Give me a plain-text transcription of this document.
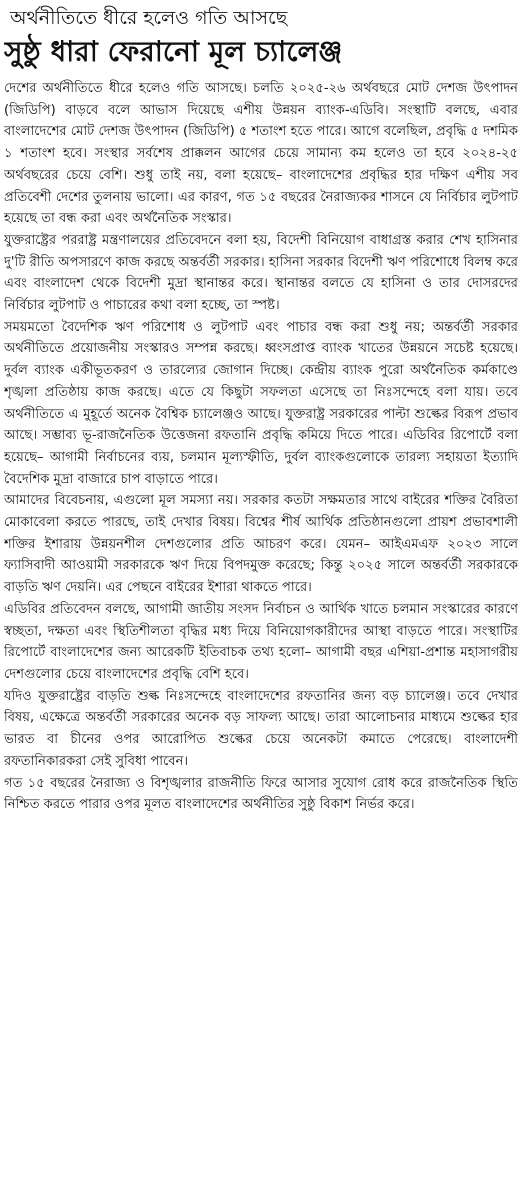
অর্থনীতিতে ধীরে হলেও গতি আসছে
সুষ্ঠু ধারা ফেরানো মূল চ্যালেঞ্জ

দেশের অর্থনীতিতে ধীরে হলেও গতি আসছে। চলতি ২০২৫-২৬ অর্থবছরে মোট দেশজ উৎপাদন (জিডিপি) বাড়বে বলে আভাস দিয়েছে এশীয় উন্নয়ন ব্যাংক-এডিবি। সংস্থাটি বলছে, এবার বাংলাদেশের মোট দেশজ উৎপাদন (জিডিপি) ৫ শতাংশ হতে পারে। আগে বলেছিল, প্রবৃদ্ধি ৫ দশমিক ১ শতাংশ হবে। সংস্থার সর্বশেষ প্রাক্কলন আগের চেয়ে সামান্য কম হলেও তা হবে ২০২৪-২৫ অর্থবছরের চেয়ে বেশি। শুধু তাই নয়, বলা হয়েছে– বাংলাদেশের প্রবৃদ্ধির হার দক্ষিণ এশীয় সব প্রতিবেশী দেশের তুলনায় ভালো। এর কারণ, গত ১৫ বছরের নৈরাজ্যকর শাসনে যে নির্বিচার লুটপাট হয়েছে তা বন্ধ করা এবং অর্থনৈতিক সংস্কার।

যুক্তরাষ্ট্রের পররাষ্ট্র মন্ত্রণালয়ের প্রতিবেদনে বলা হয়, বিদেশী বিনিয়োগ বাধাগ্রস্ত করার শেখ হাসিনার দু'টি রীতি অপসারণে কাজ করছে অন্তর্বর্তী সরকার। হাসিনা সরকার বিদেশী ঋণ পরিশোধে বিলম্ব করে এবং বাংলাদেশ থেকে বিদেশী মুদ্রা স্থানান্তর করে। স্থানান্তর বলতে যে হাসিনা ও তার দোসরদের নির্বিচার লুটপাট ও পাচারের কথা বলা হচ্ছে, তা স্পষ্ট।

সময়মতো বৈদেশিক ঋণ পরিশোধ ও লুটপাট এবং পাচার বন্ধ করা শুধু নয়; অন্তর্বর্তী সরকার অর্থনীতিতে প্রয়োজনীয় সংস্কারও সম্পন্ন করছে। ধ্বংসপ্রাপ্ত ব্যাংক খাতের উন্নয়নে সচেষ্ট হয়েছে। দুর্বল ব্যাংক একীভূতকরণ ও তারল্যের জোগান দিচ্ছে। কেন্দ্রীয় ব্যাংক পুরো অর্থনৈতিক কর্মকাণ্ডে শৃঙ্খলা প্রতিষ্ঠায় কাজ করছে। এতে যে কিছুটা সফলতা এসেছে তা নিঃসন্দেহে বলা যায়। তবে অর্থনীতিতে এ মুহূর্তে অনেক বৈশ্বিক চ্যালেঞ্জও আছে। যুক্তরাষ্ট্র সরকারের পাল্টা শুল্কের বিরূপ প্রভাব আছে। সম্ভাব্য ভূ-রাজনৈতিক উত্তেজনা রফতানি প্রবৃদ্ধি কমিয়ে দিতে পারে। এডিবির রিপোর্টে বলা হয়েছে– আগামী নির্বাচনের ব্যয়, চলমান মূল্যস্ফীতি, দুর্বল ব্যাংকগুলোকে তারল্য সহায়তা ইত্যাদি বৈদেশিক মুদ্রা বাজারে চাপ বাড়াতে পারে।

আমাদের বিবেচনায়, এগুলো মূল সমস্যা নয়। সরকার কতটা সক্ষমতার সাথে বাইরের শক্তির বৈরিতা মোকাবেলা করতে পারছে, তাই দেখার বিষয়। বিশ্বের শীর্ষ আর্থিক প্রতিষ্ঠানগুলো প্রায়শ প্রভাবশালী শক্তির ইশারায় উন্নয়নশীল দেশগুলোর প্রতি আচরণ করে। যেমন– আইএমএফ ২০২৩ সালে ফ্যাসিবাদী আওয়ামী সরকারকে ঋণ দিয়ে বিপদমুক্ত করেছে; কিন্তু ২০২৫ সালে অন্তর্বর্তী সরকারকে বাড়তি ঋণ দেয়নি। এর পেছনে বাইরের ইশারা থাকতে পারে।

এডিবির প্রতিবেদন বলছে, আগামী জাতীয় সংসদ নির্বাচন ও আর্থিক খাতে চলমান সংস্কারের কারণে স্বচ্ছতা, দক্ষতা এবং স্থিতিশীলতা বৃদ্ধির মধ্য দিয়ে বিনিয়োগকারীদের আস্থা বাড়তে পারে। সংস্থাটির রিপোর্টে বাংলাদেশের জন্য আরেকটি ইতিবাচক তথ্য হলো– আগামী বছর এশিয়া-প্রশান্ত মহাসাগরীয় দেশগুলোর চেয়ে বাংলাদেশের প্রবৃদ্ধি বেশি হবে।

যদিও যুক্তরাষ্ট্রের বাড়তি শুল্ক নিঃসন্দেহে বাংলাদেশের রফতানির জন্য বড় চ্যালেঞ্জ। তবে দেখার বিষয়, এক্ষেত্রে অন্তর্বর্তী সরকারের অনেক বড় সাফল্য আছে। তারা আলোচনার মাধ্যমে শুল্কের হার ভারত বা চীনের ওপর আরোপিত শুল্কের চেয়ে অনেকটা কমাতে পেরেছে। বাংলাদেশী রফতানিকারকরা সেই সুবিধা পাবেন।

গত ১৫ বছরের নৈরাজ্য ও বিশৃঙ্খলার রাজনীতি ফিরে আসার সুযোগ রোধ করে রাজনৈতিক স্থিতি নিশ্চিত করতে পারার ওপর মূলত বাংলাদেশের অর্থনীতির সুষ্ঠু বিকাশ নির্ভর করে।
